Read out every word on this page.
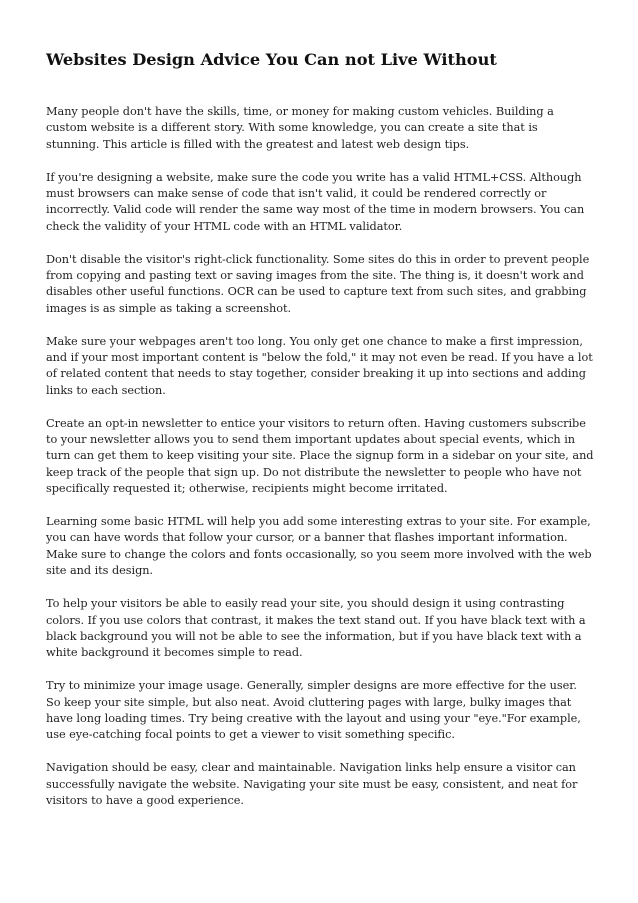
Websites Design Advice You Can not Live Without

Many people don't have the skills, time, or money for making custom vehicles. Building a custom website is a different story. With some knowledge, you can create a site that is stunning. This article is filled with the greatest and latest web design tips.

If you're designing a website, make sure the code you write has a valid HTML+CSS. Although must browsers can make sense of code that isn't valid, it could be rendered correctly or incorrectly. Valid code will render the same way most of the time in modern browsers. You can check the validity of your HTML code with an HTML validator.

Don't disable the visitor's right-click functionality. Some sites do this in order to prevent people from copying and pasting text or saving images from the site. The thing is, it doesn't work and disables other useful functions. OCR can be used to capture text from such sites, and grabbing images is as simple as taking a screenshot.

Make sure your webpages aren't too long. You only get one chance to make a first impression, and if your most important content is "below the fold," it may not even be read. If you have a lot of related content that needs to stay together, consider breaking it up into sections and adding links to each section.

Create an opt-in newsletter to entice your visitors to return often. Having customers subscribe to your newsletter allows you to send them important updates about special events, which in turn can get them to keep visiting your site. Place the signup form in a sidebar on your site, and keep track of the people that sign up. Do not distribute the newsletter to people who have not specifically requested it; otherwise, recipients might become irritated.

Learning some basic HTML will help you add some interesting extras to your site. For example, you can have words that follow your cursor, or a banner that flashes important information. Make sure to change the colors and fonts occasionally, so you seem more involved with the web site and its design.

To help your visitors be able to easily read your site, you should design it using contrasting colors. If you use colors that contrast, it makes the text stand out. If you have black text with a black background you will not be able to see the information, but if you have black text with a white background it becomes simple to read.

Try to minimize your image usage. Generally, simpler designs are more effective for the user. So keep your site simple, but also neat. Avoid cluttering pages with large, bulky images that have long loading times. Try being creative with the layout and using your "eye."For example, use eye-catching focal points to get a viewer to visit something specific.

Navigation should be easy, clear and maintainable. Navigation links help ensure a visitor can successfully navigate the website. Navigating your site must be easy, consistent, and neat for visitors to have a good experience.
